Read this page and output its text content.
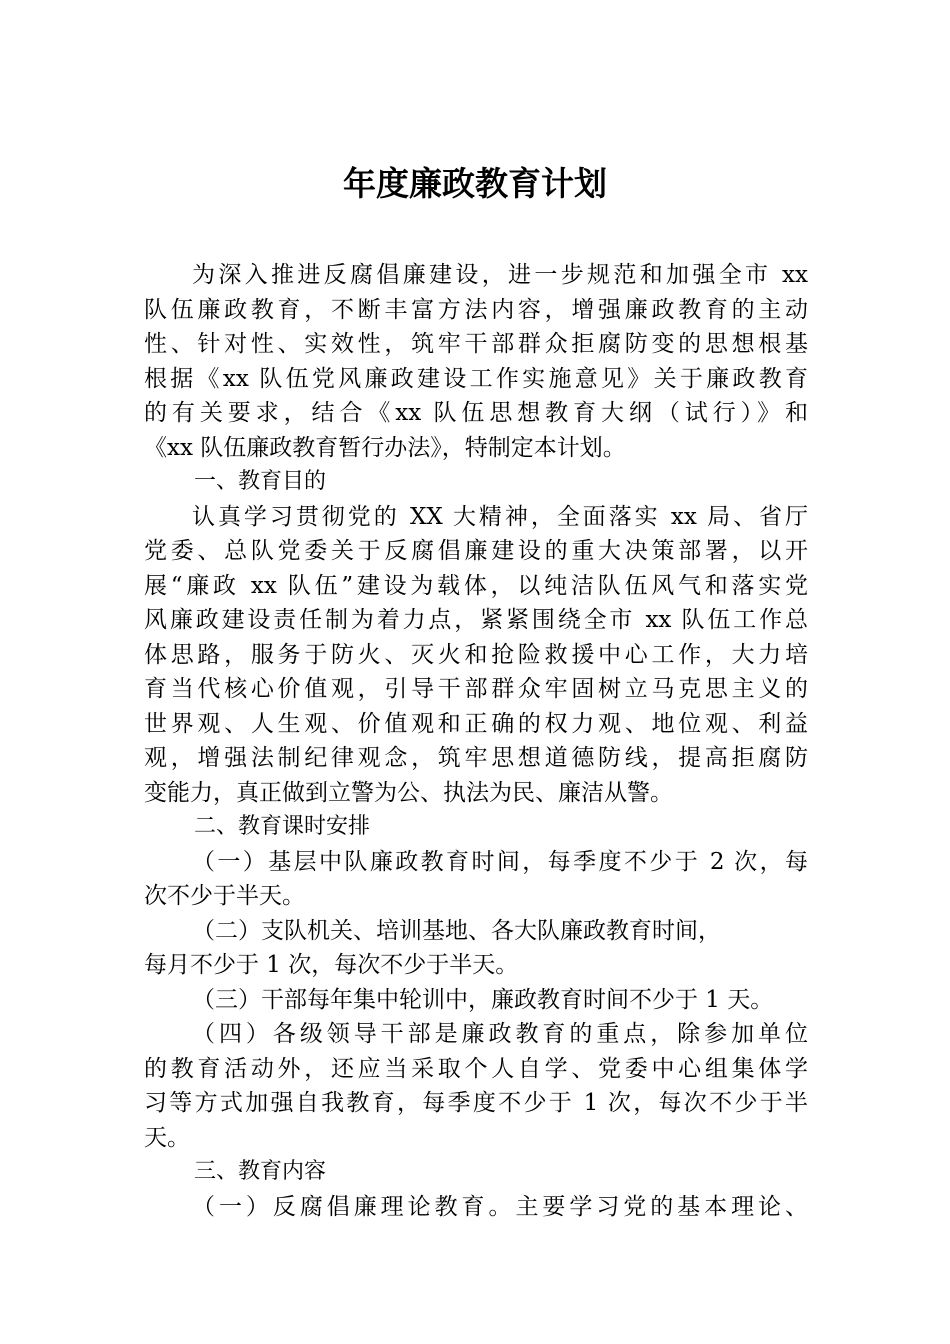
年度廉政教育计划
为深入推进反腐倡廉建设，进一步规范和加强全市 xx
队伍廉政教育，不断丰富方法内容，增强廉政教育的主动
性、针对性、实效性，筑牢干部群众拒腐防变的思想根基
根据《xx 队伍党风廉政建设工作实施意见》关于廉政教育
的有关要求，结合《xx 队伍思想教育大纲（试行）》和
《xx 队伍廉政教育暂行办法》，特制定本计划。
一、教育目的
认真学习贯彻党的 XX 大精神，全面落实 xx 局、省厅
党委、总队党委关于反腐倡廉建设的重大决策部署，以开
展“廉政 xx 队伍”建设为载体，以纯洁队伍风气和落实党
风廉政建设责任制为着力点，紧紧围绕全市 xx 队伍工作总
体思路，服务于防火、灭火和抢险救援中心工作，大力培
育当代核心价值观，引导干部群众牢固树立马克思主义的
世界观、人生观、价值观和正确的权力观、地位观、利益
观，增强法制纪律观念，筑牢思想道德防线，提高拒腐防
变能力，真正做到立警为公、执法为民、廉洁从警。
二、教育课时安排
（一）基层中队廉政教育时间，每季度不少于 2 次，每
次不少于半天。
（二）支队机关、培训基地、各大队廉政教育时间，
每月不少于 1 次，每次不少于半天。
（三）干部每年集中轮训中，廉政教育时间不少于 1 天。
（四）各级领导干部是廉政教育的重点，除参加单位
的教育活动外，还应当采取个人自学、党委中心组集体学
习等方式加强自我教育，每季度不少于 1 次，每次不少于半
天。
三、教育内容
（一）反腐倡廉理论教育。主要学习党的基本理论、
